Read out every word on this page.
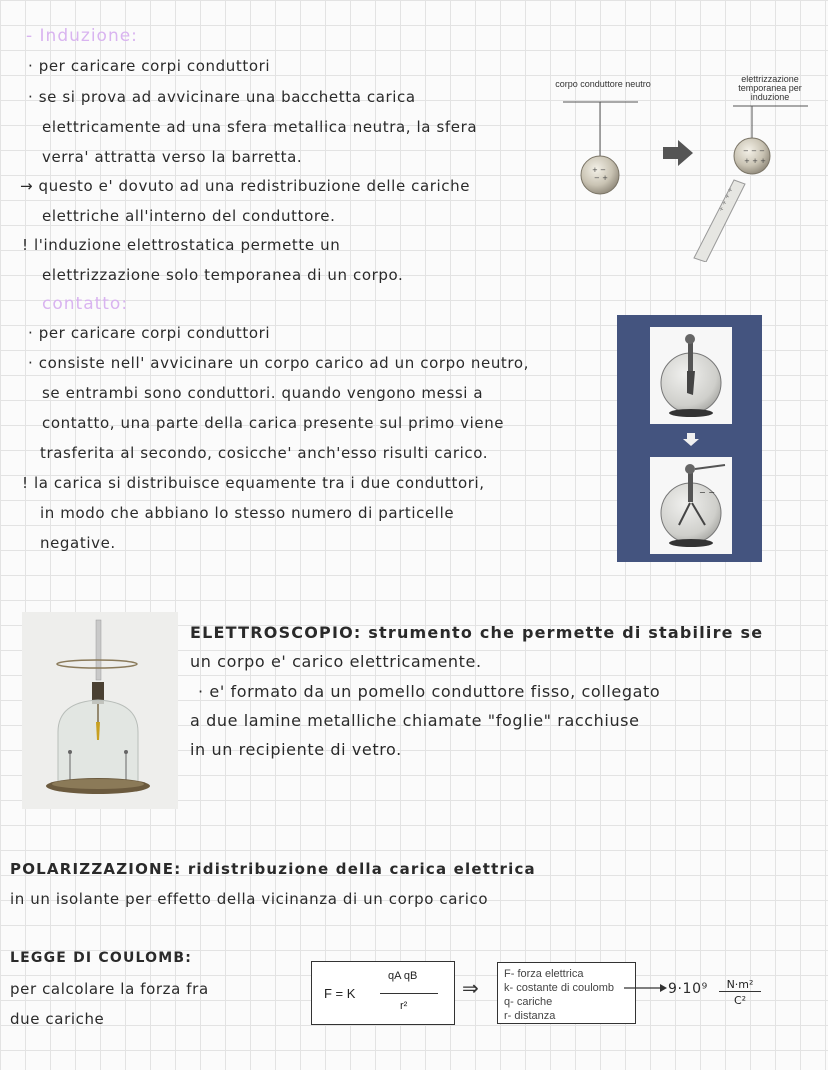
- Induzione:
· per caricare corpi conduttori
· se si prova ad avvicinare una bacchetta carica
elettricamente ad una sfera metallica neutra, la sfera
verra' attratta verso la barretta.
→ questo e' dovuto ad una redistribuzione delle cariche
elettriche all'interno del conduttore.
! l'induzione elettrostatica permette un
elettrizzazione solo temporanea di un corpo.
corpo conduttore neutro	elettrizzazione temporanea per induzione
+ −
− +
− − −
+ + +
+ + + +
contatto:
· per caricare corpi conduttori
· consiste nell' avvicinare un corpo carico ad un corpo neutro,
se entrambi sono conduttori. quando vengono messi a
contatto, una parte della carica presente sul primo viene
trasferita al secondo, cosicche' anch'esso risulti carico.
! la carica si distribuisce equamente tra i due conduttori,
in modo che abbiano lo stesso numero di particelle
negative.
− −
ELETTROSCOPIO: strumento che permette di stabilire se
un corpo e' carico elettricamente.
· e' formato da un pomello conduttore fisso, collegato
a due lamine metalliche chiamate "foglie" racchiuse
in un recipiente di vetro.
POLARIZZAZIONE: ridistribuzione della carica elettrica
in un isolante per effetto della vicinanza di un corpo carico
LEGGE DI COULOMB:
per calcolare la forza fra
due cariche
F = K
qA qB
r²
⇒
F- forza elettrica
k- costante di coulomb
q- cariche
r- distanza
9·10⁹	N·m²
C²
